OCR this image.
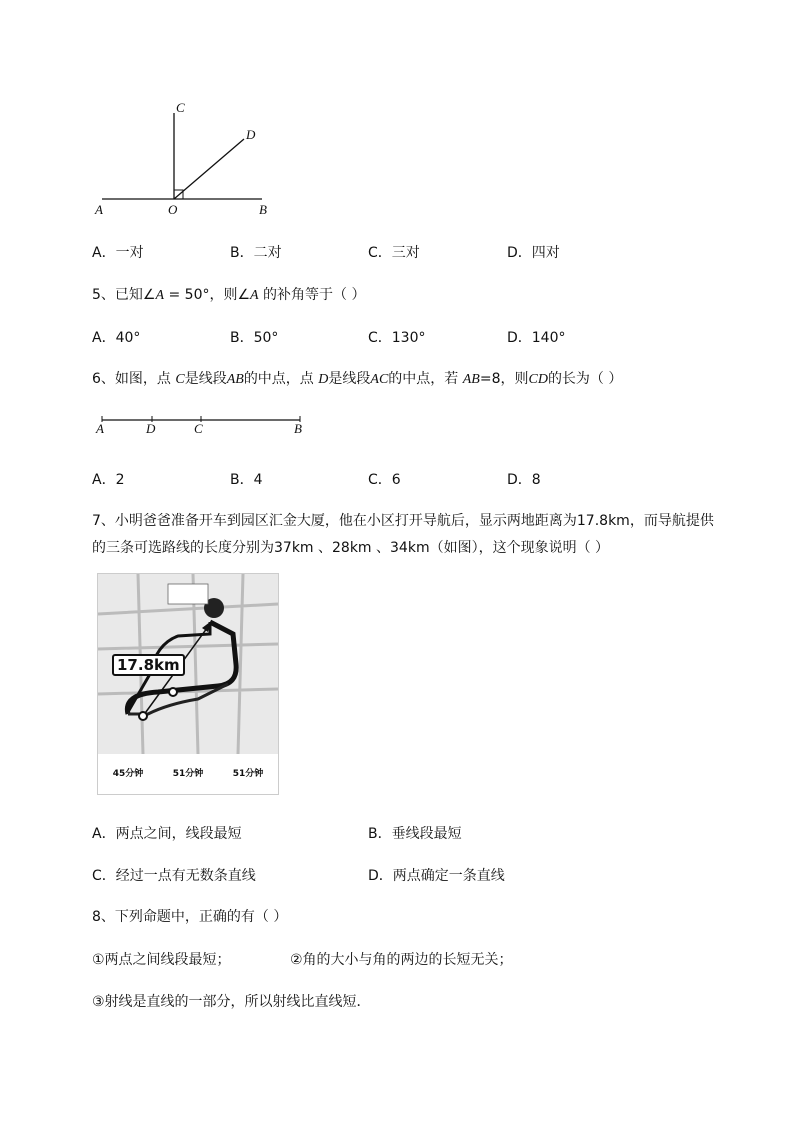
C
D
A	O	B
A．一对	B．二对	C．三对	D．四对
5、已知∠A = 50°，则∠A 的补角等于（ ）
A．40°	B．50°	C．130°	D．140°
6、如图，点 C是线段AB的中点，点 D是线段AC的中点，若 AB=8，则CD的长为（ ）
A	D	C	B
A．2	B．4	C．6	D．8
7、小明爸爸准备开车到园区汇金大厦，他在小区打开导航后，显示两地距离为17.8km，而导航提供
的三条可选路线的长度分别为37km 、28km 、34km（如图），这个现象说明（ ）
17.8km
45分钟	51分钟	51分钟
A．两点之间，线段最短	B．垂线段最短
C．经过一点有无数条直线	D．两点确定一条直线
8、下列命题中，正确的有（ ）
①两点之间线段最短；	②角的大小与角的两边的长短无关；
③射线是直线的一部分，所以射线比直线短．
